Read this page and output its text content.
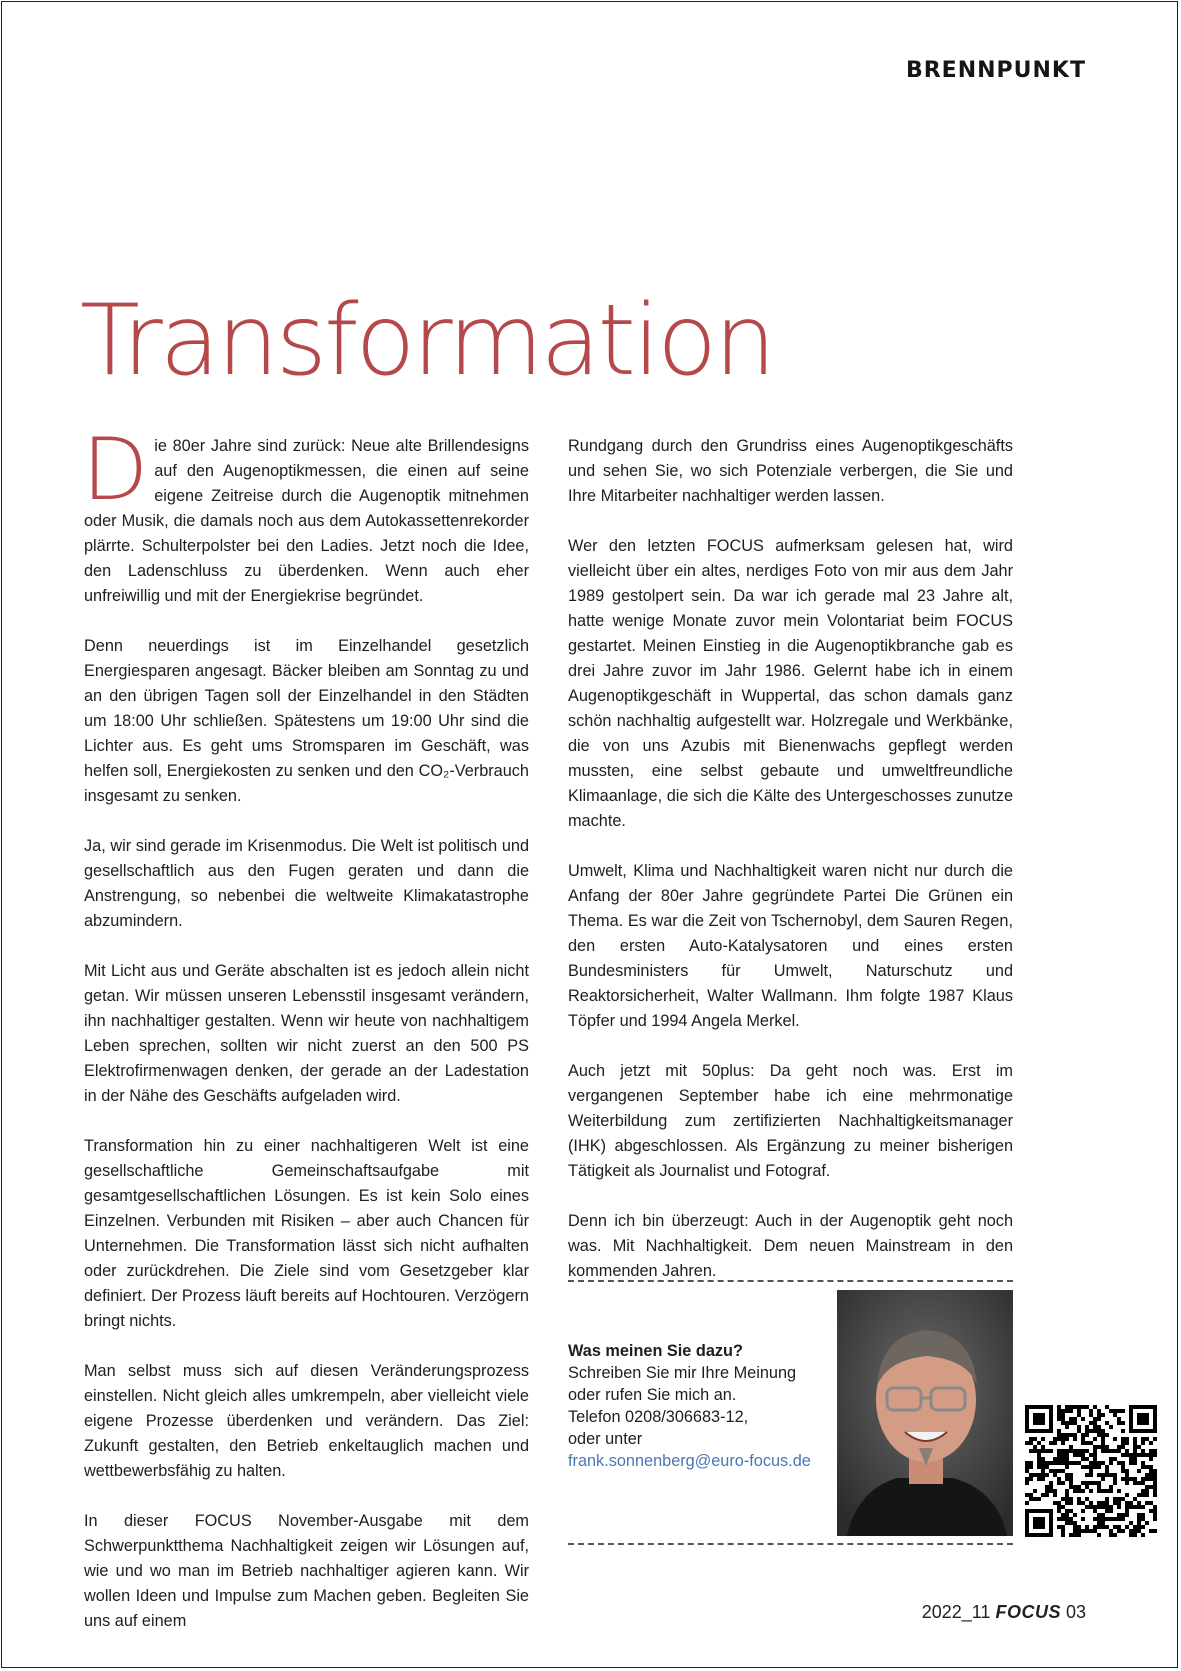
BRENNPUNKT
Transformation

Die 80er Jahre sind zurück: Neue alte Brillendesigns auf den Augenoptikmessen, die einen auf seine eigene Zeitreise durch die Augenoptik mitnehmen oder Musik, die damals noch aus dem Autokassettenrekorder plärrte. Schulterpolster bei den Ladies. Jetzt noch die Idee, den Ladenschluss zu überdenken. Wenn auch eher unfreiwillig und mit der Energiekrise begründet.

Denn neuerdings ist im Einzelhandel gesetzlich Energiesparen angesagt. Bäcker bleiben am Sonntag zu und an den übrigen Tagen soll der Einzelhandel in den Städten um 18:00 Uhr schließen. Spätestens um 19:00 Uhr sind die Lichter aus. Es geht ums Stromsparen im Geschäft, was helfen soll, Energiekosten zu senken und den CO₂-Verbrauch insgesamt zu senken.

Ja, wir sind gerade im Krisenmodus. Die Welt ist politisch und gesellschaftlich aus den Fugen geraten und dann die Anstrengung, so nebenbei die weltweite Klimakatastrophe abzumindern.

Mit Licht aus und Geräte abschalten ist es jedoch allein nicht getan. Wir müssen unseren Lebensstil insgesamt verändern, ihn nachhaltiger gestalten. Wenn wir heute von nachhaltigem Leben sprechen, sollten wir nicht zuerst an den 500 PS Elektrofirmenwagen denken, der gerade an der Ladestation in der Nähe des Geschäfts aufgeladen wird.

Transformation hin zu einer nachhaltigeren Welt ist eine gesellschaftliche Gemeinschaftsaufgabe mit gesamtgesellschaftlichen Lösungen. Es ist kein Solo eines Einzelnen. Verbunden mit Risiken – aber auch Chancen für Unternehmen. Die Transformation lässt sich nicht aufhalten oder zurückdrehen. Die Ziele sind vom Gesetzgeber klar definiert. Der Prozess läuft bereits auf Hochtouren. Verzögern bringt nichts.

Man selbst muss sich auf diesen Veränderungsprozess einstellen. Nicht gleich alles umkrempeln, aber vielleicht viele eigene Prozesse überdenken und verändern. Das Ziel: Zukunft gestalten, den Betrieb enkeltauglich machen und wettbewerbsfähig zu halten.

In dieser FOCUS November-Ausgabe mit dem Schwerpunktthema Nachhaltigkeit zeigen wir Lösungen auf, wie und wo man im Betrieb nachhaltiger agieren kann. Wir wollen Ideen und Impulse zum Machen geben. Begleiten Sie uns auf einem

Rundgang durch den Grundriss eines Augenoptikgeschäfts und sehen Sie, wo sich Potenziale verbergen, die Sie und Ihre Mitarbeiter nachhaltiger werden lassen.

Wer den letzten FOCUS aufmerksam gelesen hat, wird vielleicht über ein altes, nerdiges Foto von mir aus dem Jahr 1989 gestolpert sein. Da war ich gerade mal 23 Jahre alt, hatte wenige Monate zuvor mein Volontariat beim FOCUS gestartet. Meinen Einstieg in die Augenoptikbranche gab es drei Jahre zuvor im Jahr 1986. Gelernt habe ich in einem Augenoptikgeschäft in Wuppertal, das schon damals ganz schön nachhaltig aufgestellt war. Holzregale und Werkbänke, die von uns Azubis mit Bienenwachs gepflegt werden mussten, eine selbst gebaute und umweltfreundliche Klimaanlage, die sich die Kälte des Untergeschosses zunutze machte.

Umwelt, Klima und Nachhaltigkeit waren nicht nur durch die Anfang der 80er Jahre gegründete Partei Die Grünen ein Thema. Es war die Zeit von Tschernobyl, dem Sauren Regen, den ersten Auto-Katalysatoren und eines ersten Bundesministers für Umwelt, Naturschutz und Reaktorsicherheit, Walter Wallmann. Ihm folgte 1987 Klaus Töpfer und 1994 Angela Merkel.

Auch jetzt mit 50plus: Da geht noch was. Erst im vergangenen September habe ich eine mehrmonatige Weiterbildung zum zertifizierten Nachhaltigkeitsmanager (IHK) abgeschlossen. Als Ergänzung zu meiner bisherigen Tätigkeit als Journalist und Fotograf.

Denn ich bin überzeugt: Auch in der Augenoptik geht noch was. Mit Nachhaltigkeit. Dem neuen Mainstream in den kommenden Jahren.

Was meinen Sie dazu?
Schreiben Sie mir Ihre Meinung
oder rufen Sie mich an.
Telefon 0208/306683-12,
oder unter
frank.sonnenberg@euro-focus.de
2022_11 FOCUS 03
